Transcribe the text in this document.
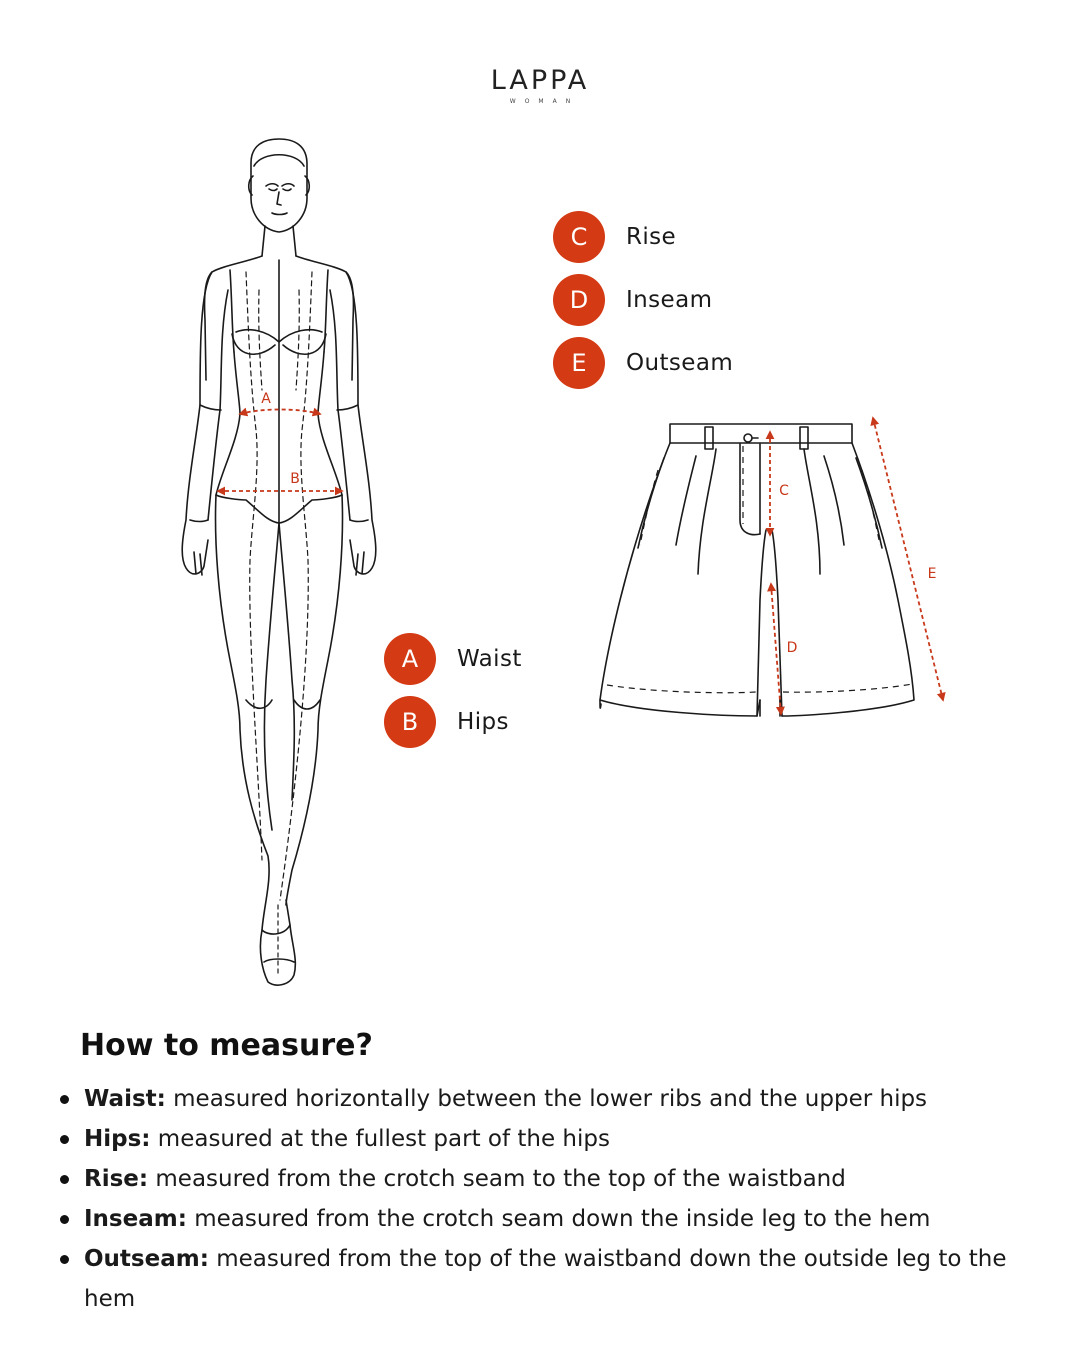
LAPPA
WOMAN
A
B
C
D
E
C	Rise
D	Inseam
E	Outseam
A	Waist
B	Hips
How to measure?
Waist: measured horizontally between the lower ribs and the upper hips
Hips: measured at the fullest part of the hips
Rise: measured from the crotch seam to the top of the waistband
Inseam: measured from the crotch seam down the inside leg to the hem
Outseam: measured from the top of the waistband down the outside leg to the hem
